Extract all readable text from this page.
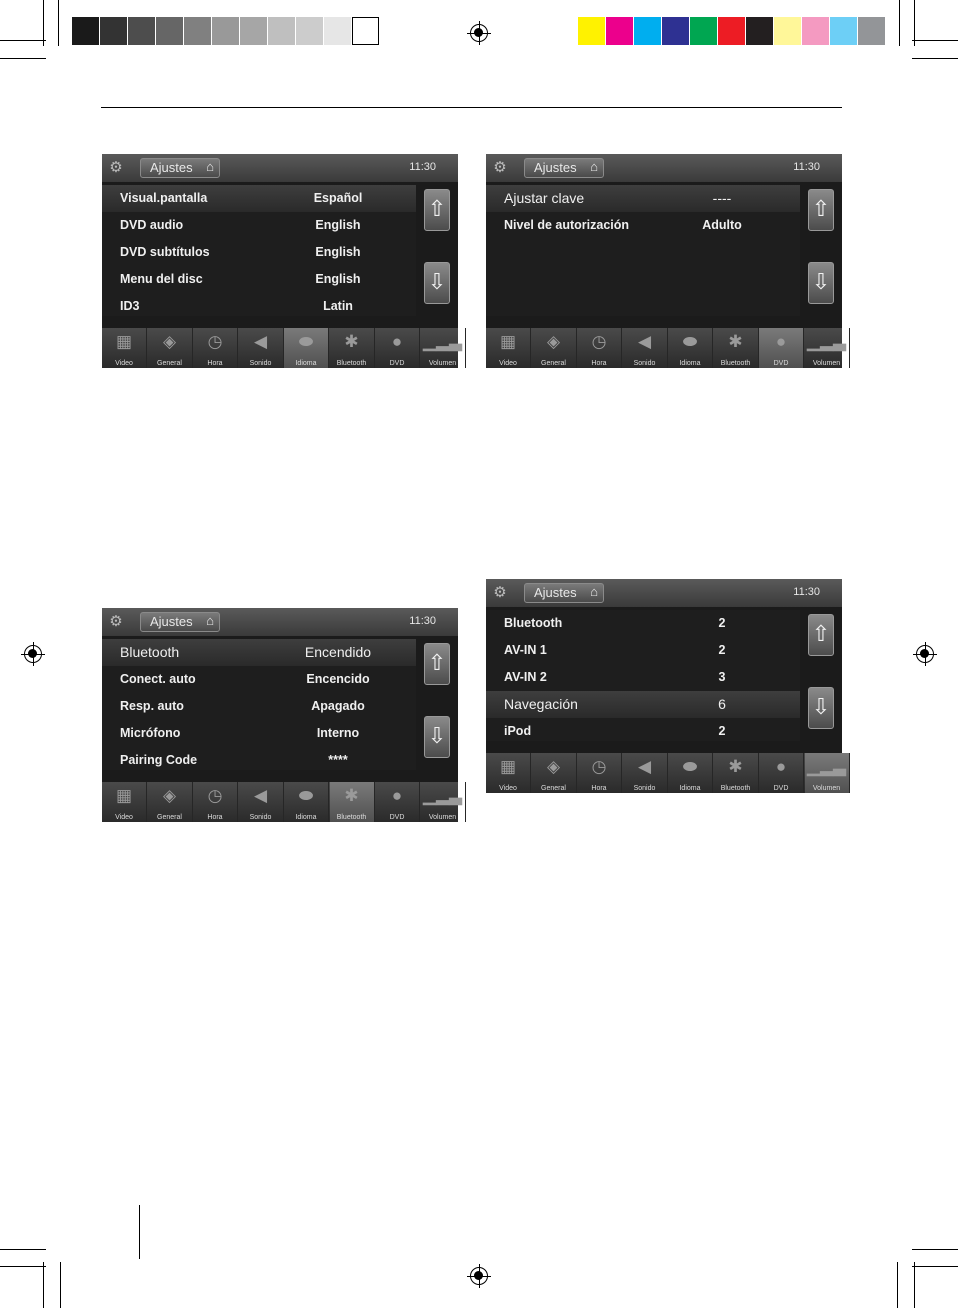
⚙	Ajustes ⌂	11:30
Visual.pantalla	Español
DVD audio	English
DVD subtítulos	English
Menu del disc	English
ID3	Latin
⇧
⇩
▦
Video
◈
General
◷
Hora
◀
Sonido
⬬
Idioma
✱
Bluetooth
●
DVD
▁▂▃
Volumen
⚙	Ajustes ⌂	11:30
Ajustar clave	----
Nivel de autorización	Adulto
⇧
⇩
▦
Video
◈
General
◷
Hora
◀
Sonido
⬬
Idioma
✱
Bluetooth
●
DVD
▁▂▃
Volumen
⚙	Ajustes ⌂	11:30
Bluetooth	Encendido
Conect. auto	Encencido
Resp. auto	Apagado
Micrófono	Interno
Pairing Code	****
⇧
⇩
▦
Video
◈
General
◷
Hora
◀
Sonido
⬬
Idioma
✱
Bluetooth
●
DVD
▁▂▃
Volumen
⚙	Ajustes ⌂	11:30
Bluetooth	2
AV-IN 1	2
AV-IN 2	3
Navegación	6
iPod	2
⇧
⇩
▦
Video
◈
General
◷
Hora
◀
Sonido
⬬
Idioma
✱
Bluetooth
●
DVD
▁▂▃
Volumen
